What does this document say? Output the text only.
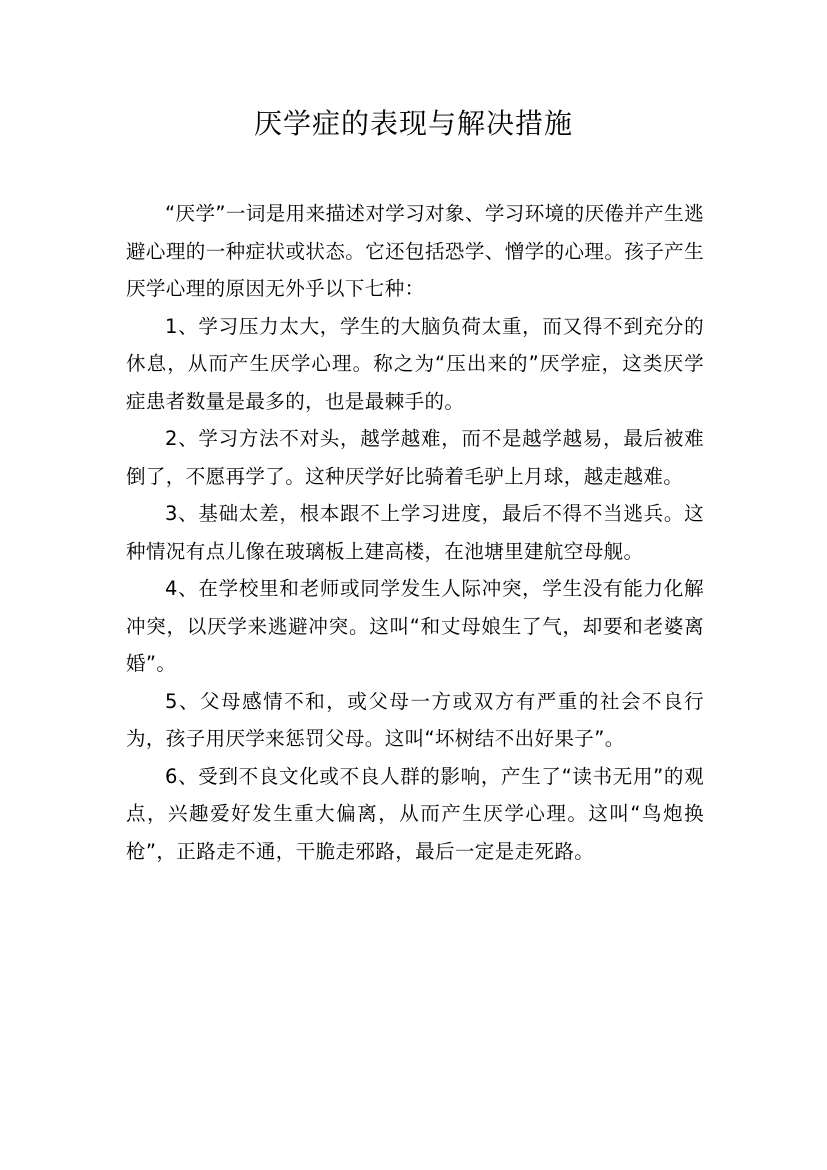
厌学症的表现与解决措施

“厌学”一词是用来描述对学习对象、学习环境的厌倦并产生逃避心理的一种症状或状态。它还包括恐学、憎学的心理。孩子产生厌学心理的原因无外乎以下七种：

1、学习压力太大，学生的大脑负荷太重，而又得不到充分的休息，从而产生厌学心理。称之为“压出来的”厌学症，这类厌学症患者数量是最多的，也是最棘手的。

2、学习方法不对头，越学越难，而不是越学越易，最后被难倒了，不愿再学了。这种厌学好比骑着毛驴上月球，越走越难。

3、基础太差，根本跟不上学习进度，最后不得不当逃兵。这种情况有点儿像在玻璃板上建高楼，在池塘里建航空母舰。

4、在学校里和老师或同学发生人际冲突，学生没有能力化解冲突，以厌学来逃避冲突。这叫“和丈母娘生了气，却要和老婆离婚”。

5、父母感情不和，或父母一方或双方有严重的社会不良行为，孩子用厌学来惩罚父母。这叫“坏树结不出好果子”。

6、受到不良文化或不良人群的影响，产生了“读书无用”的观点，兴趣爱好发生重大偏离，从而产生厌学心理。这叫“鸟炮换枪”，正路走不通，干脆走邪路，最后一定是走死路。
